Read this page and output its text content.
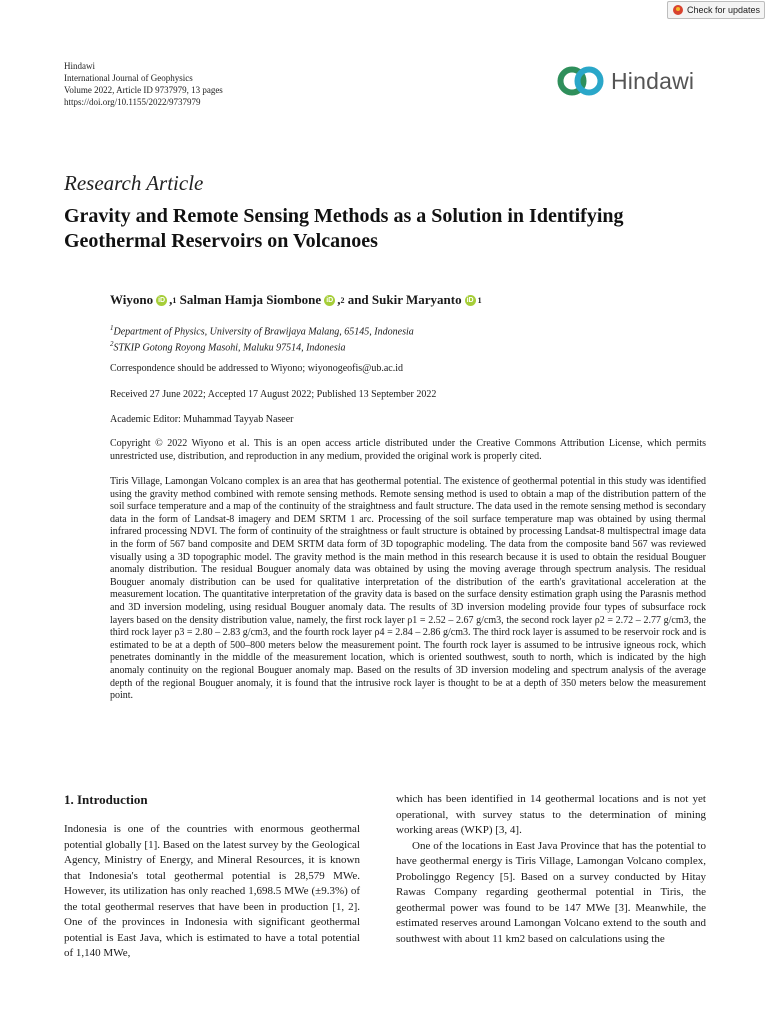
Check for updates
Hindawi
International Journal of Geophysics
Volume 2022, Article ID 9737979, 13 pages
https://doi.org/10.1155/2022/9737979
Hindawi
Research Article
Gravity and Remote Sensing Methods as a Solution in Identifying Geothermal Reservoirs on Volcanoes
Wiyono iD , 1
Salman Hamja Siombone iD , 2
and
Sukir Maryanto iD 1
$^1$Department of Physics, University of Brawijaya Malang, 65145, Indonesia
$^2$STKIP Gotong Royong Masohi, Maluku 97514, Indonesia
Correspondence should be addressed to Wiyono; wiyonogeofis@ub.ac.id
Received 27 June 2022; Accepted 17 August 2022; Published 13 September 2022
Academic Editor: Muhammad Tayyab Naseer
Copyright © 2022 Wiyono et al. This is an open access article distributed under the Creative Commons Attribution License, which permits unrestricted use, distribution, and reproduction in any medium, provided the original work is properly cited.

Tiris Village, Lamongan Volcano complex is an area that has geothermal potential. The existence of geothermal potential in this study was identified using the gravity method combined with remote sensing methods. Remote sensing method is used to obtain a map of the distribution pattern of the soil surface temperature and a map of the continuity of the straightness and fault structure. The data used in the remote sensing method is secondary data in the form of Landsat-8 imagery and DEM SRTM 1 arc. Processing of the soil surface temperature map was obtained by using thermal infrared processing NDVI. The form of continuity of the straightness or fault structure is obtained by processing Landsat-8 multispectral image data in the form of 567 band composite and DEM SRTM data form of 3D topographic modeling. The data from the composite band 567 was reviewed visually using a 3D topographic model. The gravity method is the main method in this research because it is used to obtain the residual Bouguer anomaly distribution. The residual Bouguer anomaly data was obtained by using the moving average through spectrum analysis. The residual Bouguer anomaly distribution can be used for qualitative interpretation of the distribution of the earth's gravitational acceleration at the measurement location. The quantitative interpretation of the gravity data is based on the surface density estimation graph using the Parasnis method and 3D inversion modeling, using residual Bouguer anomaly data. The results of 3D inversion modeling provide four types of subsurface rock layers based on the density distribution value, namely, the first rock layer ρ1 = 2.52 – 2.67 g/cm3, the second rock layer ρ2 = 2.72 – 2.77 g/cm3, the third rock layer ρ3 = 2.80 – 2.83 g/cm3, and the fourth rock layer ρ4 = 2.84 – 2.86 g/cm3. The third rock layer is assumed to be reservoir rock and is estimated to be at a depth of 500–800 meters below the measurement point. The fourth rock layer is assumed to be intrusive igneous rock, which penetrates dominantly in the middle of the measurement location, which is oriented southwest, south to north, which is indicated by the high anomaly continuity on the regional Bouguer anomaly map. Based on the results of 3D inversion modeling and spectrum analysis of the average depth of the regional Bouguer anomaly, it is found that the intrusive rock layer is thought to be at a depth of 350 meters below the measurement point.

1. Introduction

Indonesia is one of the countries with enormous geothermal potential globally [1]. Based on the latest survey by the Geological Agency, Ministry of Energy, and Mineral Resources, it is known that Indonesia's total geothermal potential is 28,579 MWe. However, its utilization has only reached 1,698.5 MWe (±9.3%) of the total geothermal reserves that have been in production [1, 2]. One of the provinces in Indonesia with significant geothermal potential is East Java, which is estimated to have a total potential of 1,140 MWe,

which has been identified in 14 geothermal locations and is not yet operational, with survey status to the determination of mining working areas (WKP) [3, 4].

One of the locations in East Java Province that has the potential to have geothermal energy is Tiris Village, Lamongan Volcano complex, Probolinggo Regency [5]. Based on a survey conducted by Hitay Rawas Company regarding geothermal potential in Tiris, the geothermal power was found to be 147 MWe [3]. Meanwhile, the estimated reserves around Lamongan Volcano extend to the south and southwest with about 11 km2 based on calculations using the
